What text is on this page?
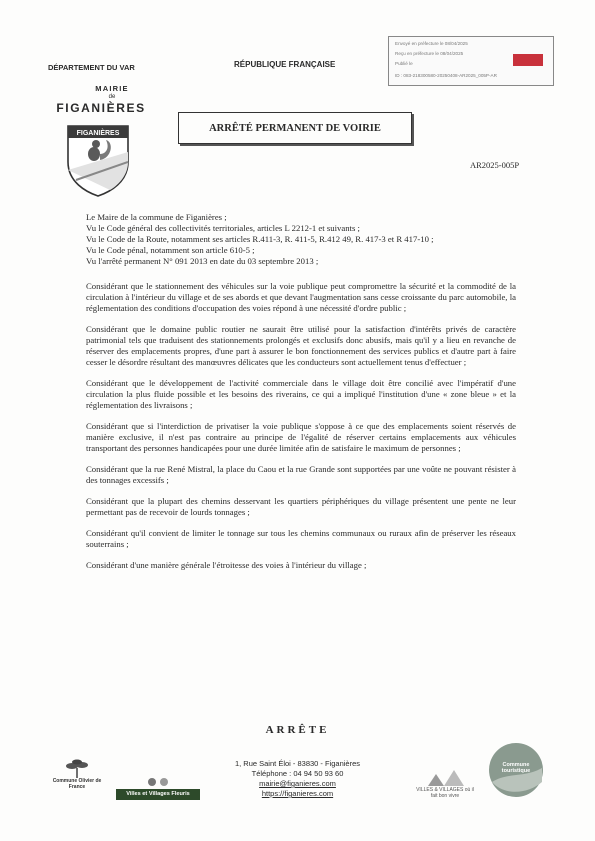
DÉPARTEMENT DU VAR	RÉPUBLIQUE FRANÇAISE
MAIRIE
de
FIGANIÈRES
FIGANIÈRES	ARRÊTÉ PERMANENT DE VOIRIE
AR2025-005P
Envoyé en préfecture le 08/04/2025
Reçu en préfecture le 08/04/2025
Publié le
ID : 083-218300580-20250408-AR2025_005P-AR

Le Maire de la commune de Figanières ;

Vu le Code général des collectivités territoriales, articles L 2212-1 et suivants ;

Vu le Code de la Route, notamment ses articles R.411-3, R. 411-5, R.412 49, R. 417-3 et R 417-10 ;

Vu le Code pénal, notamment son article 610-5 ;

Vu l'arrêté permanent N° 091 2013 en date du 03 septembre 2013 ;

Considérant que le stationnement des véhicules sur la voie publique peut compromettre la sécurité et la commodité de la circulation à l'intérieur du village et de ses abords et que devant l'augmentation sans cesse croissante du parc automobile, la réglementation des conditions d'occupation des voies répond à une nécessité d'ordre public ;

Considérant que le domaine public routier ne saurait être utilisé pour la satisfaction d'intérêts privés de caractère patrimonial tels que traduisent des stationnements prolongés et exclusifs donc abusifs, mais qu'il y a lieu en revanche de réserver des emplacements propres, d'une part à assurer le bon fonctionnement des services publics et d'autre part à faire cesser le désordre résultant des manœuvres délicates que les conducteurs sont actuellement tenus d'effectuer ;

Considérant que le développement de l'activité commerciale dans le village doit être concilié avec l'impératif d'une circulation la plus fluide possible et les besoins des riverains, ce qui a impliqué l'institution d'une « zone bleue » et la réglementation des livraisons ;

Considérant que si l'interdiction de privatiser la voie publique s'oppose à ce que des emplacements soient réservés de manière exclusive, il n'est pas contraire au principe de l'égalité de réserver certains emplacements aux véhicules transportant des personnes handicapées pour une durée limitée afin de satisfaire le maximum de personnes ;

Considérant que la rue René Mistral, la place du Caou et la rue Grande sont supportées par une voûte ne pouvant résister à des tonnages excessifs ;

Considérant que la plupart des chemins desservant les quartiers périphériques du village présentent une pente ne leur permettant pas de recevoir de lourds tonnages ;

Considérant qu'il convient de limiter le tonnage sur tous les chemins communaux ou ruraux afin de préserver les réseaux souterrains ;

Considérant d'une manière générale l'étroitesse des voies à l'intérieur du village ;

ARRÊTE
1, Rue Saint Éloi - 83830 - Figanières
Téléphone : 04 94 50 93 60
mairie@figanieres.com
https://figanieres.com
Commune Olivier de France
Villes et Villages Fleuris
VILLES & VILLAGES où il fait bon vivre
Commune touristique
